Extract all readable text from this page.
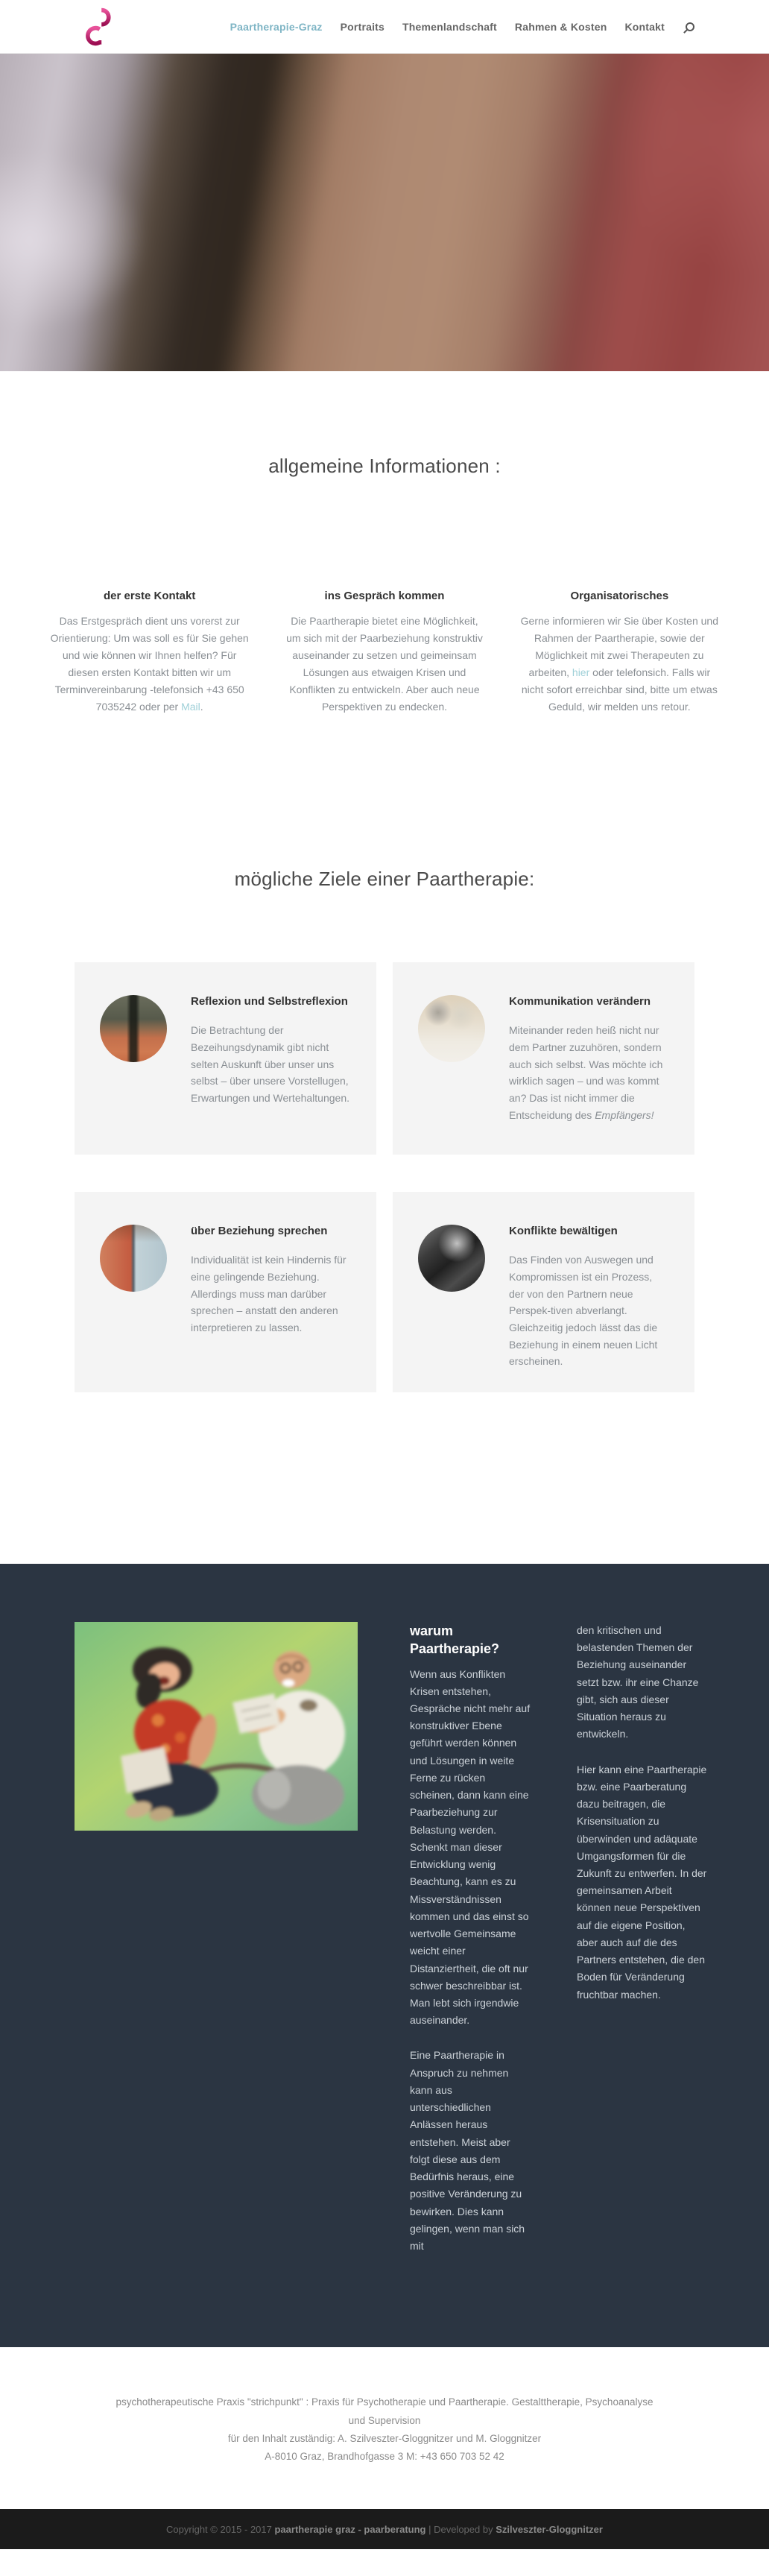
Paartherapie-Graz Portraits Themenlandschaft Rahmen & Kosten Kontakt
allgemeine Informationen :
der erste Kontakt

Das Erstgespräch dient uns vorerst zur Orientierung: Um was soll es für Sie gehen und wie können wir Ihnen helfen? Für diesen ersten Kontakt bitten wir um Terminvereinbarung -telefonsich +43 650 7035242 oder per Mail.

ins Gespräch kommen

Die Paartherapie bietet eine Möglichkeit, um sich mit der Paarbeziehung konstruktiv auseinander zu setzen und geimeinsam Lösungen aus etwaigen Krisen und Konflikten zu entwickeln. Aber auch neue Perspektiven zu endecken.

Organisatorisches

Gerne informieren wir Sie über Kosten und Rahmen der Paartherapie, sowie der Möglichkeit mit zwei Therapeuten zu arbeiten, hier oder telefonsich. Falls wir nicht sofort erreichbar sind, bitte um etwas Geduld, wir melden uns retour.

mögliche Ziele einer Paartherapie:
Reflexion und Selbstreflexion

Die Betrachtung der Bezeihungsdynamik gibt nicht selten Auskunft über unser uns selbst – über unsere Vorstellugen, Erwartungen und Wertehaltungen.

Kommunikation verändern

Miteinander reden heiß nicht nur dem Partner zuzuhören, sondern auch sich selbst. Was möchte ich wirklich sagen – und was kommt an? Das ist nicht immer die Entscheidung des Empfängers!

über Beziehung sprechen

Individualität ist kein Hindernis für eine gelingende Beziehung. Allerdings muss man darüber sprechen – anstatt den anderen interpretieren zu lassen.

Konflikte bewältigen

Das Finden von Auswegen und Kompromissen ist ein Prozess, der von den Partnern neue Perspek-tiven abverlangt. Gleichzeitig jedoch lässt das die Beziehung in einem neuen Licht erscheinen.

warum Paartherapie?

Wenn aus Konflikten Krisen entstehen, Gespräche nicht mehr auf konstruktiver Ebene geführt werden können und Lösungen in weite Ferne zu rücken scheinen, dann kann eine Paarbeziehung zur Belastung werden. Schenkt man dieser Entwicklung wenig Beachtung, kann es zu Missverständnissen kommen und das einst so wertvolle Gemeinsame weicht einer Distanziertheit, die oft nur schwer beschreibbar ist. Man lebt sich irgendwie auseinander.

Eine Paartherapie in Anspruch zu nehmen kann aus unterschiedlichen Anlässen heraus entstehen. Meist aber folgt diese aus dem Bedürfnis heraus, eine positive Veränderung zu bewirken. Dies kann gelingen, wenn man sich mit

den kritischen und belastenden Themen der Beziehung auseinander setzt bzw. ihr eine Chanze gibt, sich aus dieser Situation heraus zu entwickeln.

Hier kann eine Paartherapie bzw. eine Paarberatung dazu beitragen, die Krisensituation zu überwinden und adäquate Umgangsformen für die Zukunft zu entwerfen. In der gemeinsamen Arbeit können neue Perspektiven auf die eigene Position, aber auch auf die des Partners entstehen, die den Boden für Veränderung fruchtbar machen.

psychotherapeutische Praxis "strichpunkt" : Praxis für Psychotherapie und Paartherapie. Gestalttherapie, Psychoanalyse und Supervision

für den Inhalt zuständig: A. Szilveszter-Gloggnitzer und M. Gloggnitzer

A-8010 Graz, Brandhofgasse 3 M: +43 650 703 52 42

Copyright © 2015 - 2017 paartherapie graz - paarberatung | Developed by Szilveszter-Gloggnitzer
